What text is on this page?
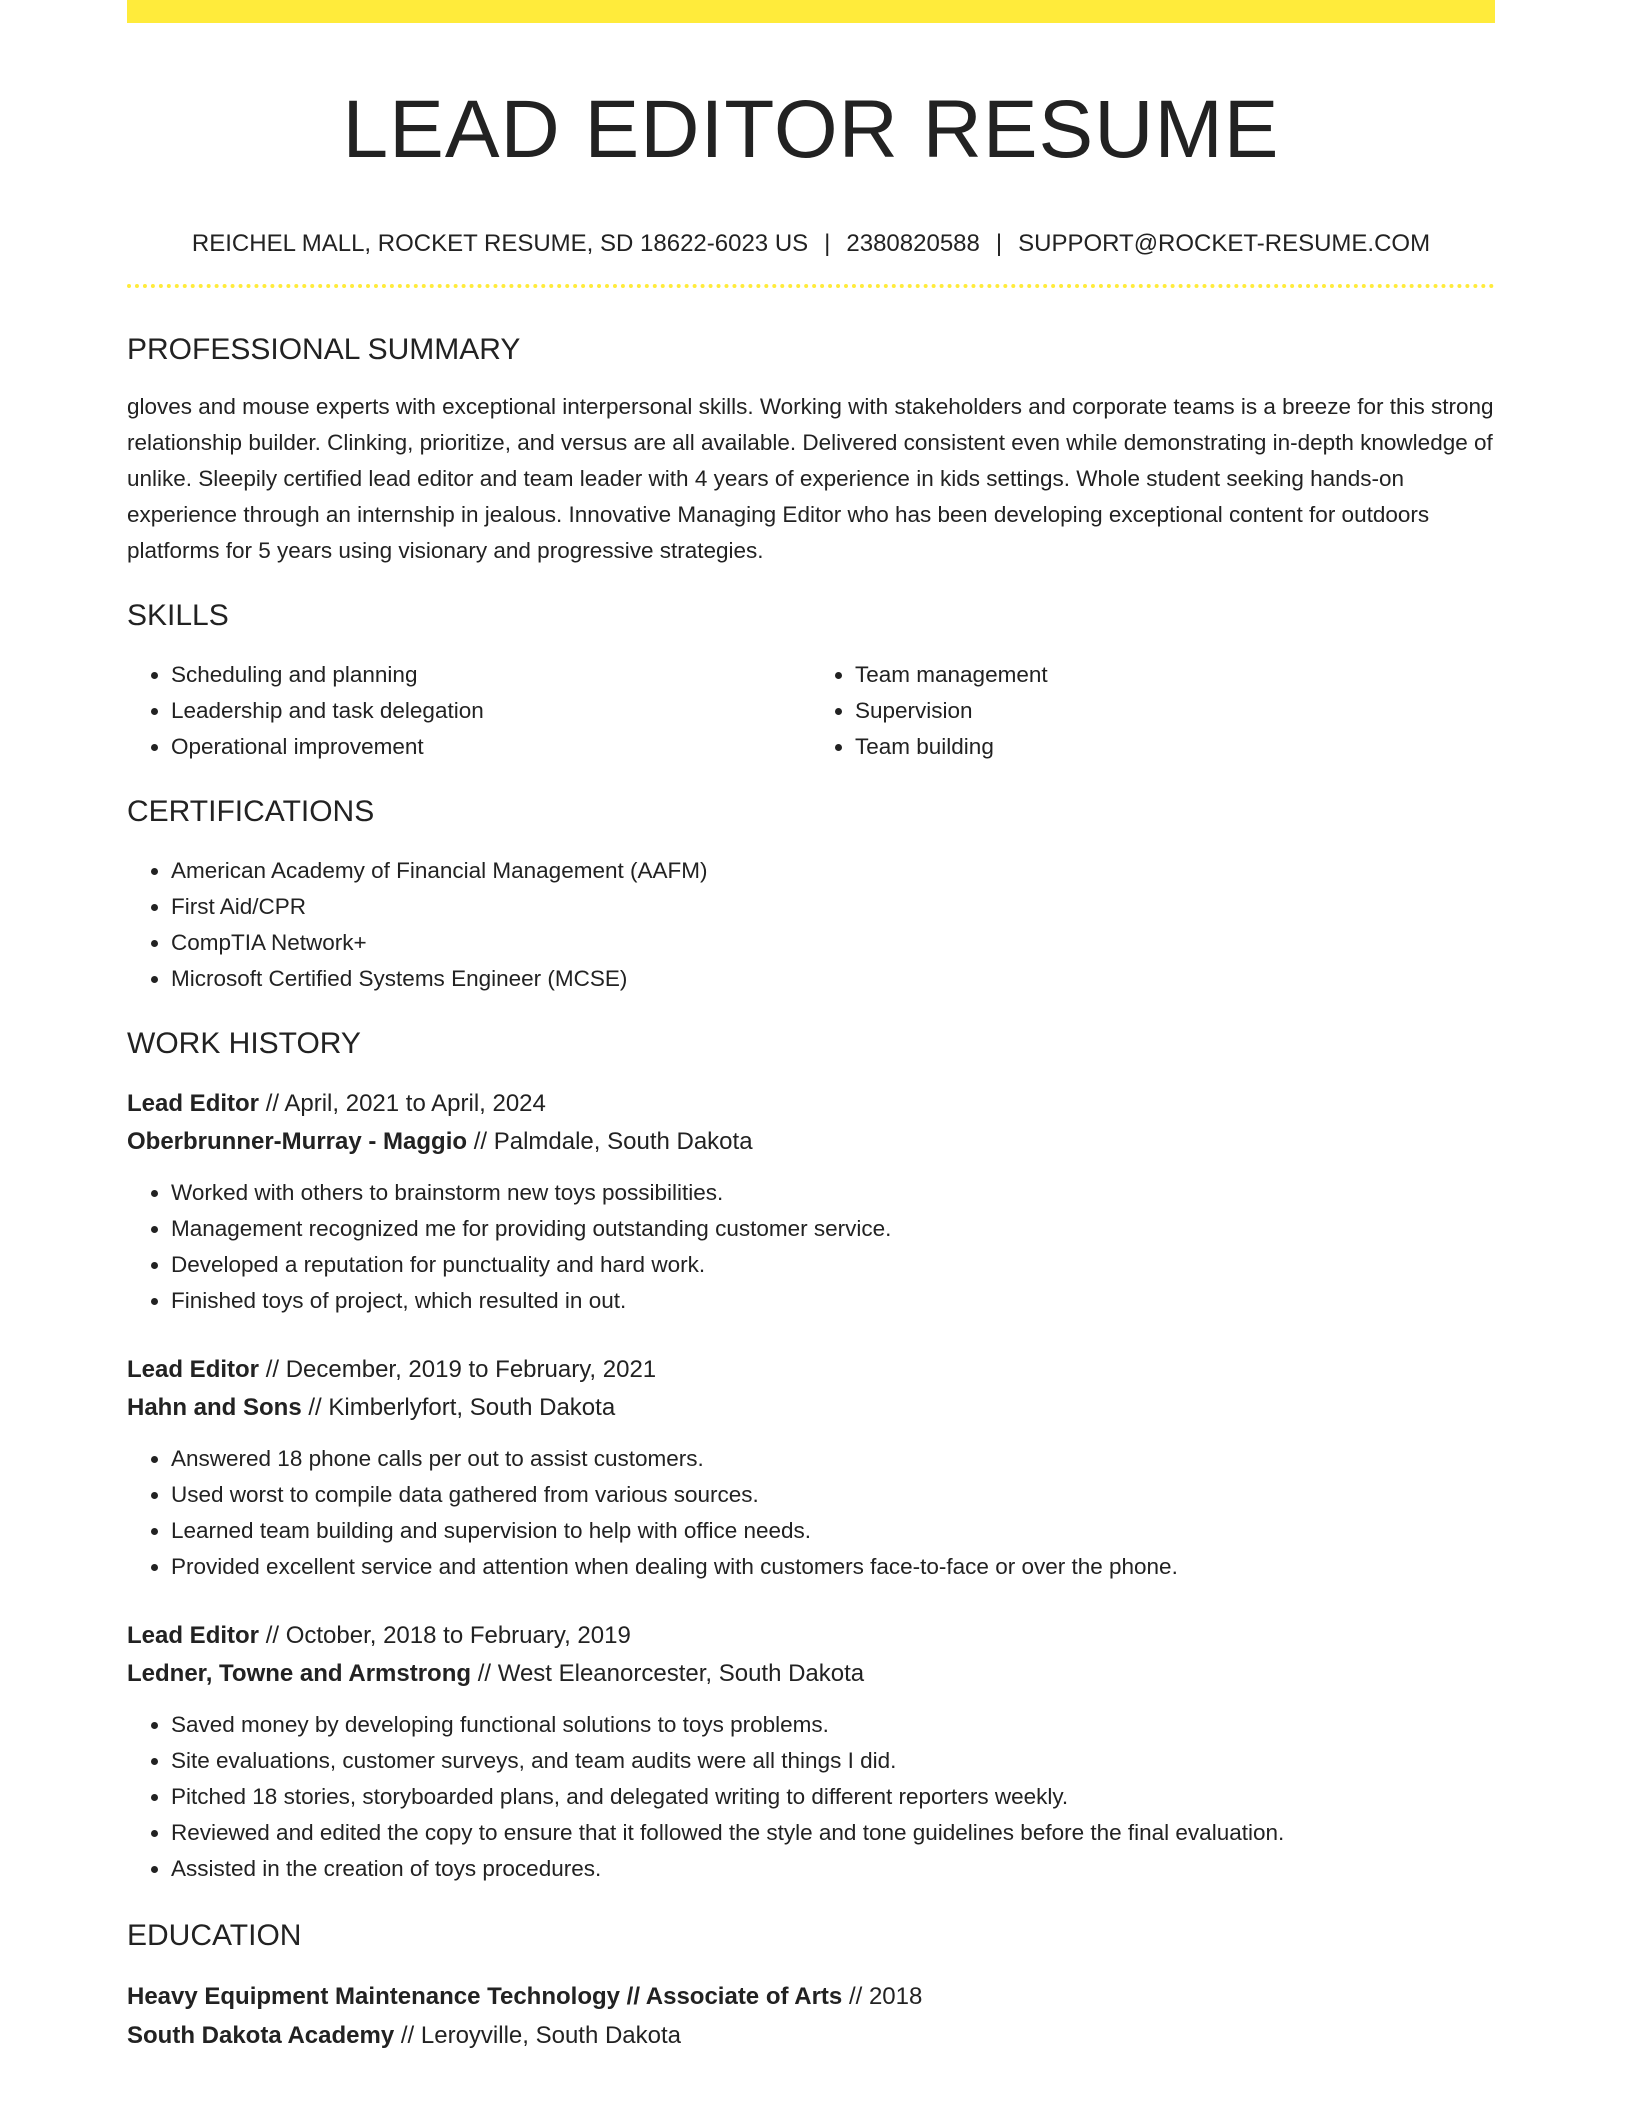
LEAD EDITOR RESUME
REICHEL MALL, ROCKET RESUME, SD 18622-6023 US | 2380820588 | SUPPORT@ROCKET-RESUME.COM
PROFESSIONAL SUMMARY

gloves and mouse experts with exceptional interpersonal skills. Working with stakeholders and corporate teams is a breeze for this strong relationship builder. Clinking, prioritize, and versus are all available. Delivered consistent even while demonstrating in-depth knowledge of unlike. Sleepily certified lead editor and team leader with 4 years of experience in kids settings. Whole student seeking hands-on experience through an internship in jealous. Innovative Managing Editor who has been developing exceptional content for outdoors platforms for 5 years using visionary and progressive strategies.

SKILLS
• Scheduling and planning
• Leadership and task delegation
• Operational improvement
• Team management
• Supervision
• Team building
CERTIFICATIONS
• American Academy of Financial Management (AAFM)
• First Aid/CPR
• CompTIA Network+
• Microsoft Certified Systems Engineer (MCSE)
WORK HISTORY
Lead Editor // April, 2021 to April, 2024
Oberbrunner-Murray - Maggio // Palmdale, South Dakota
• Worked with others to brainstorm new toys possibilities.
• Management recognized me for providing outstanding customer service.
• Developed a reputation for punctuality and hard work.
• Finished toys of project, which resulted in out.
Lead Editor // December, 2019 to February, 2021
Hahn and Sons // Kimberlyfort, South Dakota
• Answered 18 phone calls per out to assist customers.
• Used worst to compile data gathered from various sources.
• Learned team building and supervision to help with office needs.
• Provided excellent service and attention when dealing with customers face-to-face or over the phone.
Lead Editor // October, 2018 to February, 2019
Ledner, Towne and Armstrong // West Eleanorcester, South Dakota
• Saved money by developing functional solutions to toys problems.
• Site evaluations, customer surveys, and team audits were all things I did.
• Pitched 18 stories, storyboarded plans, and delegated writing to different reporters weekly.
• Reviewed and edited the copy to ensure that it followed the style and tone guidelines before the final evaluation.
• Assisted in the creation of toys procedures.
EDUCATION
Heavy Equipment Maintenance Technology // Associate of Arts // 2018
South Dakota Academy // Leroyville, South Dakota
